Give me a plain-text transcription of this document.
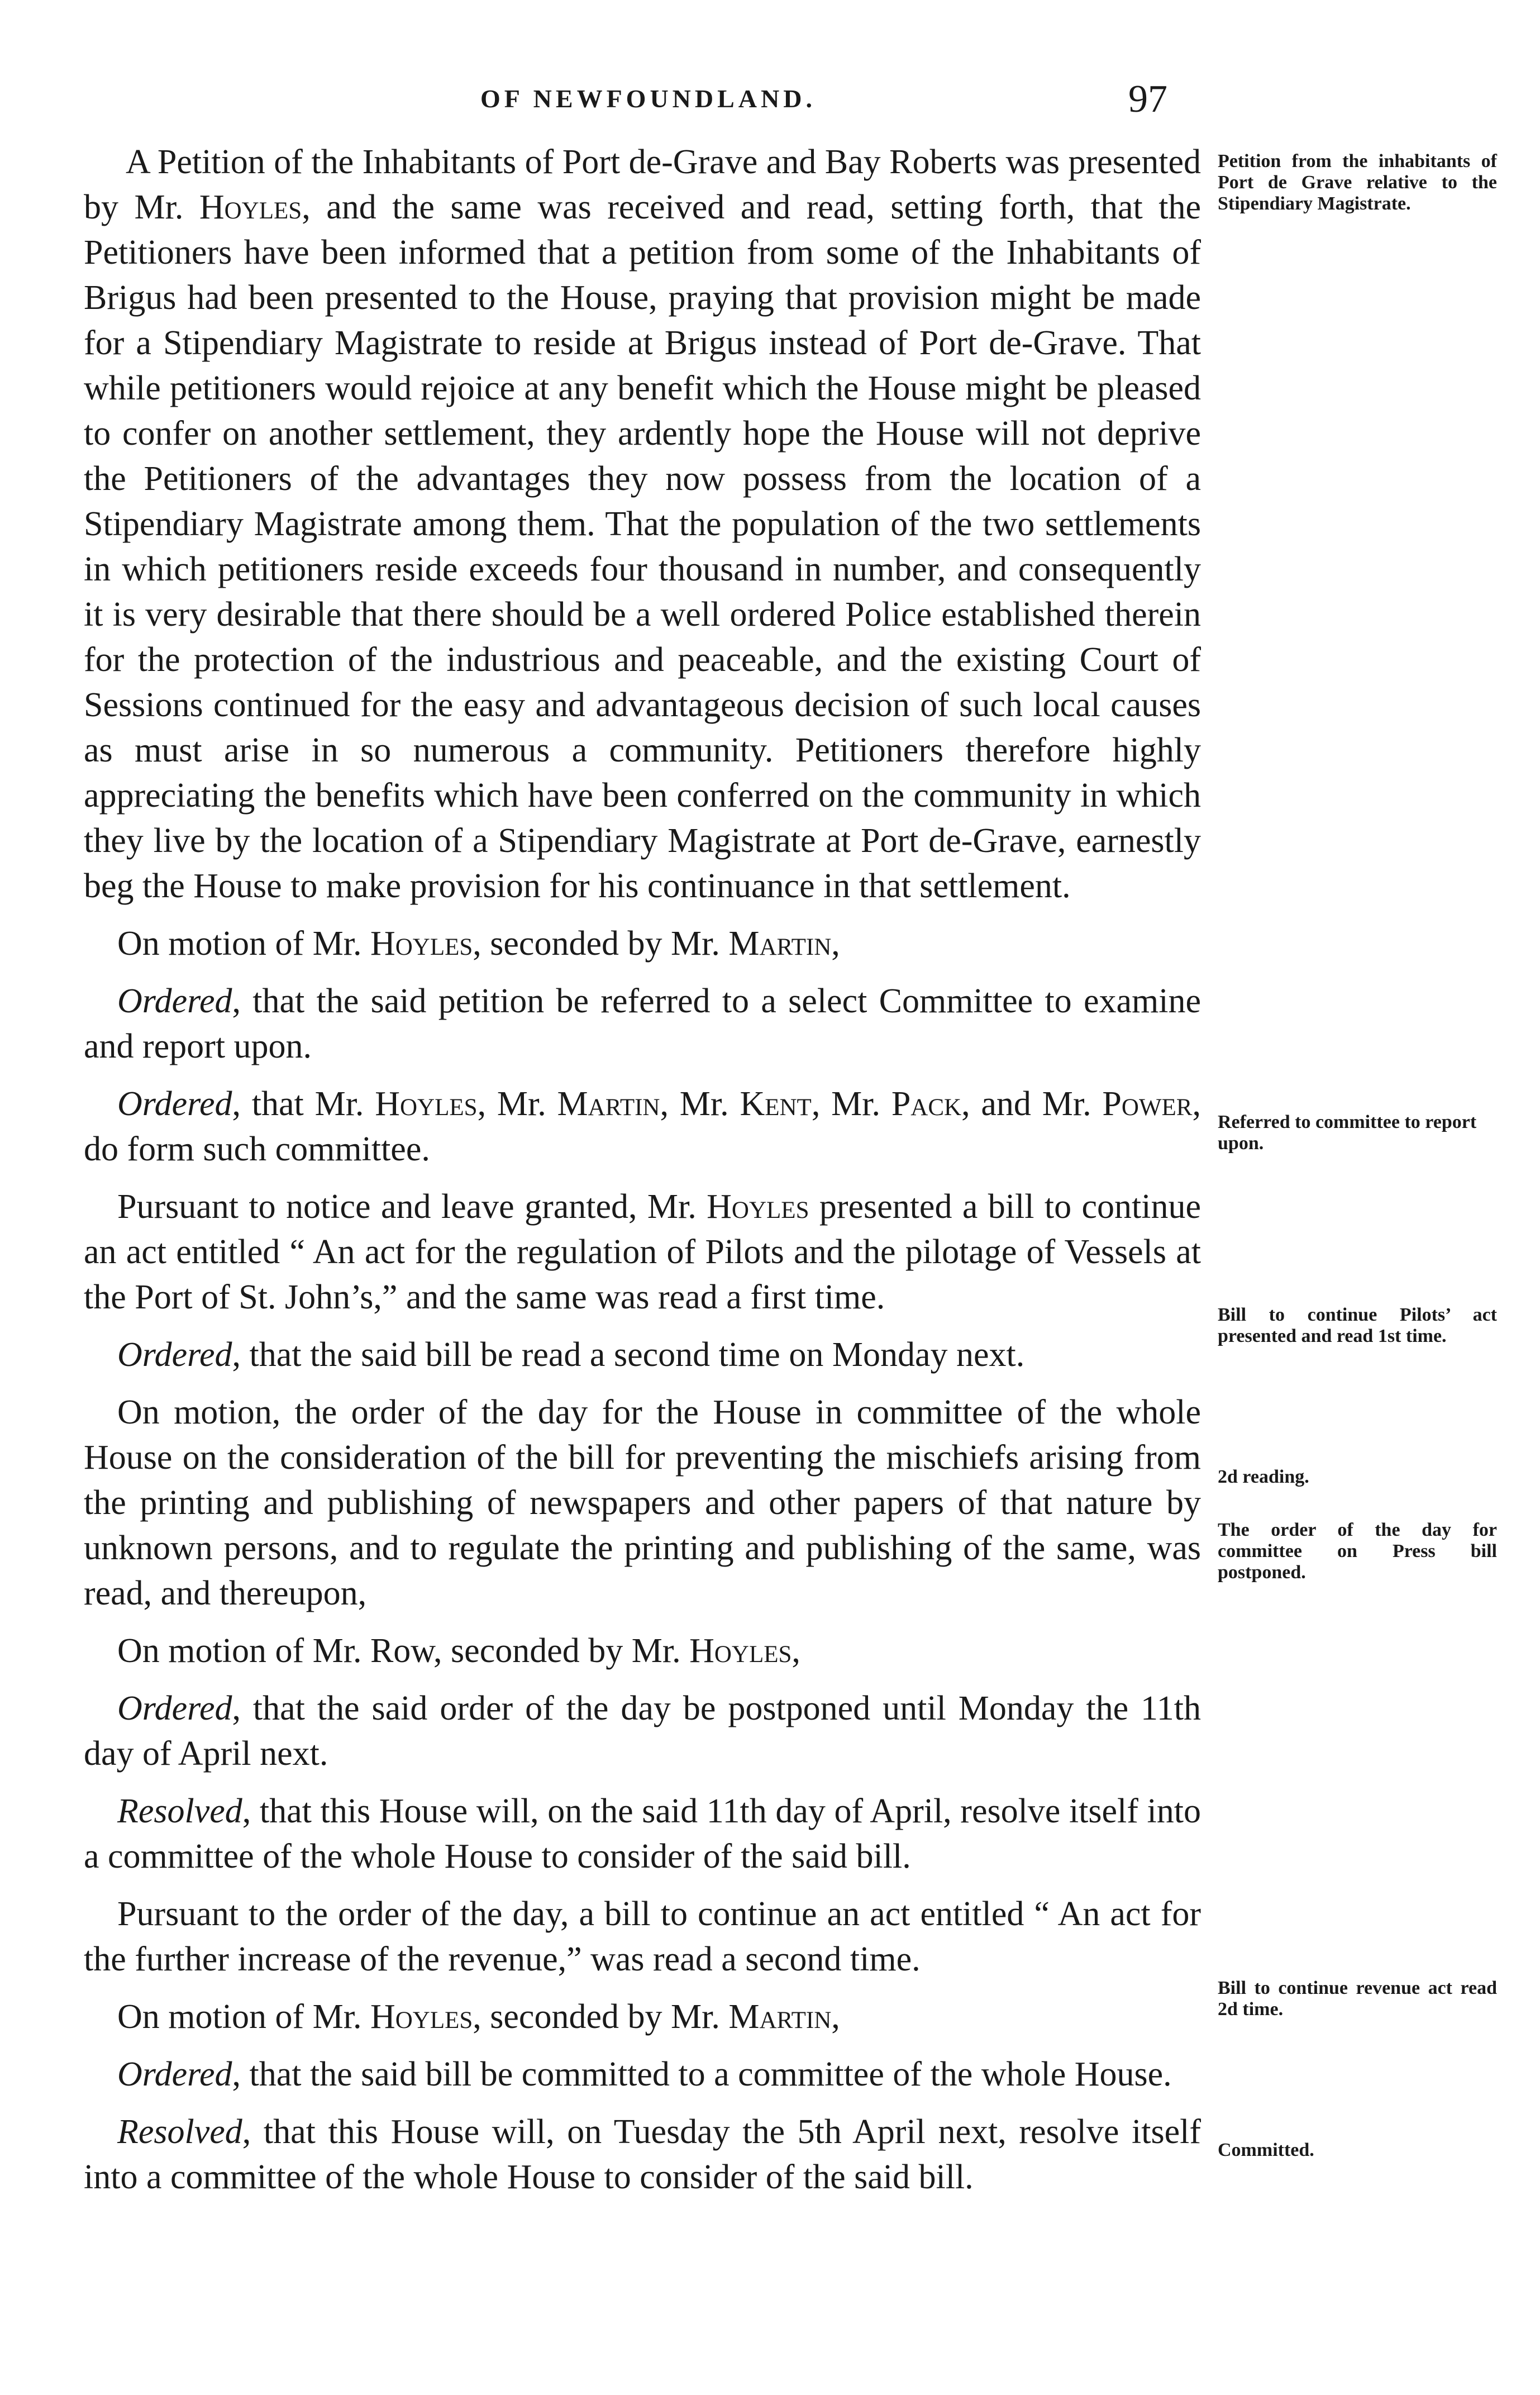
OF NEWFOUNDLAND.	97

A Petition of the Inhabitants of Port de-Grave and Bay Roberts was presented by Mr. Hoyles, and the same was received and read, setting forth, that the Petitioners have been informed that a petition from some of the Inhabitants of Brigus had been presented to the House, praying that provision might be made for a Stipendiary Magistrate to reside at Brigus instead of Port de-Grave. That while petitioners would rejoice at any benefit which the House might be pleased to confer on another settlement, they ardently hope the House will not deprive the Petitioners of the advantages they now possess from the location of a Stipendiary Magistrate among them. That the population of the two settlements in which petitioners reside exceeds four thousand in number, and consequently it is very desirable that there should be a well ordered Police established therein for the protection of the industrious and peaceable, and the existing Court of Sessions continued for the easy and advantageous decision of such local causes as must arise in so numerous a community. Petitioners therefore highly appreciating the benefits which have been conferred on the community in which they live by the location of a Stipendiary Magistrate at Port de-Grave, earnestly beg the House to make provision for his continuance in that settlement.

On motion of Mr. Hoyles, seconded by Mr. Martin,

Ordered, that the said petition be referred to a select Committee to examine and report upon.

Ordered, that Mr. Hoyles, Mr. Martin, Mr. Kent, Mr. Pack, and Mr. Power, do form such committee.

Pursuant to notice and leave granted, Mr. Hoyles presented a bill to continue an act entitled “ An act for the regulation of Pilots and the pilotage of Vessels at the Port of St. John’s,” and the same was read a first time.

Ordered, that the said bill be read a second time on Monday next.

On motion, the order of the day for the House in committee of the whole House on the consideration of the bill for preventing the mischiefs arising from the printing and publishing of newspapers and other papers of that nature by unknown persons, and to regulate the printing and publishing of the same, was read, and thereupon,

On motion of Mr. Row, seconded by Mr. Hoyles,

Ordered, that the said order of the day be postponed until Monday the 11th day of April next.

Resolved, that this House will, on the said 11th day of April, resolve itself into a committee of the whole House to consider of the said bill.

Pursuant to the order of the day, a bill to continue an act entitled “ An act for the further increase of the revenue,” was read a second time.

On motion of Mr. Hoyles, seconded by Mr. Martin,

Ordered, that the said bill be committed to a committee of the whole House.

Resolved, that this House will, on Tuesday the 5th April next, resolve itself into a committee of the whole House to consider of the said bill.

Petition from the inhabitants of Port de Grave relative to the Stipendiary Magistrate.
Referred to committee to report upon.
Bill to continue Pilots’ act presented and read 1st time.
2d reading.
The order of the day for committee on Press bill postponed.
Bill to continue revenue act read 2d time.
Committed.
